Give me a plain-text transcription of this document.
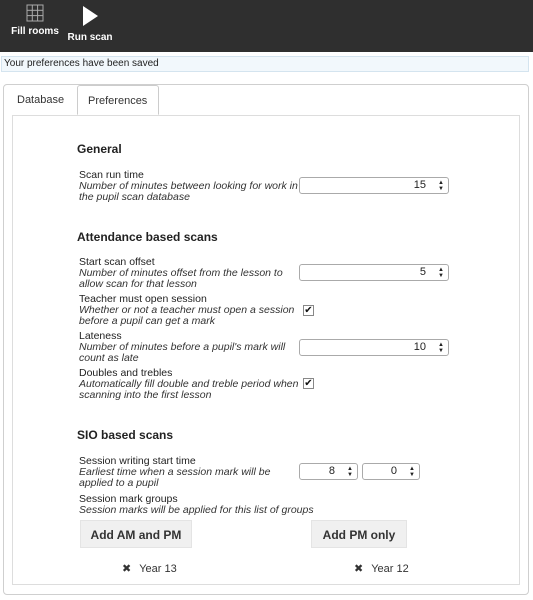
Fill rooms
Run scan
Your preferences have been saved
Database	Preferences
General
Scan run time
Number of minutes between looking for work in the pupil scan database
15 ▲
▼
Attendance based scans
Start scan offset
Number of minutes offset from the lesson to allow scan for that lesson
5 ▲
▼
Teacher must open session
Whether or not a teacher must open a session before a pupil can get a mark
✔
Lateness
Number of minutes before a pupil's mark will count as late
10 ▲
▼
Doubles and trebles
Automatically fill double and treble period when scanning into the first lesson
✔
SIO based scans
Session writing start time
Earliest time when a session mark will be applied to a pupil
8 ▲
▼	0 ▲
▼
Session mark groups
Session marks will be applied for this list of groups
Add AM and PM	Add PM only
✖ Year 13	✖ Year 12
